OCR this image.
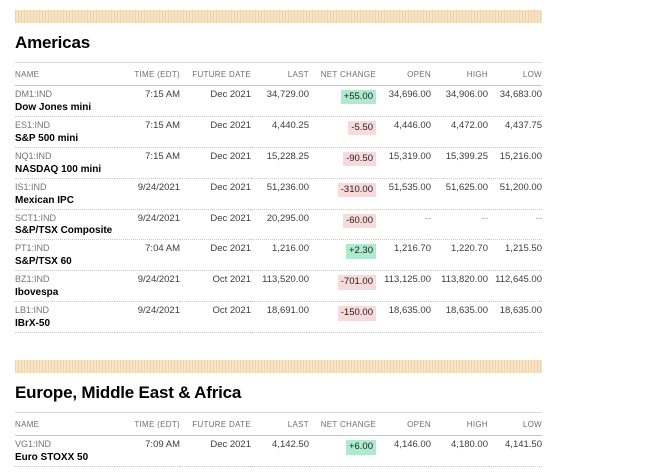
Americas
NAME	TIME (EDT)	FUTURE DATE	LAST	NET CHANGE	OPEN	HIGH	LOW

DM1:IND
Dow Jones mini	7:15 AM	Dec 2021	34,729.00	+55.00	34,696.00	34,906.00	34,683.00

ES1:IND
S&P 500 mini	7:15 AM	Dec 2021	4,440.25	-5.50	4,446.00	4,472.00	4,437.75

NQ1:IND
NASDAQ 100 mini	7:15 AM	Dec 2021	15,228.25	-90.50	15,319.00	15,399.25	15,216.00

IS1:IND
Mexican IPC	9/24/2021	Dec 2021	51,236.00	-310.00	51,535.00	51,625.00	51,200.00

SCT1:IND
S&P/TSX Composite	9/24/2021	Dec 2021	20,295.00	-60.00	--	--	--

PT1:IND
S&P/TSX 60	7:04 AM	Dec 2021	1,216.00	+2.30	1,216.70	1,220.70	1,215.50

BZ1:IND
Ibovespa	9/24/2021	Oct 2021	113,520.00	-701.00	113,125.00	113,820.00	112,645.00

LB1:IND
IBrX-50	9/24/2021	Oct 2021	18,691.00	-150.00	18,635.00	18,635.00	18,635.00
Europe, Middle East & Africa
NAME	TIME (EDT)	FUTURE DATE	LAST	NET CHANGE	OPEN	HIGH	LOW

VG1:IND
Euro STOXX 50	7:09 AM	Dec 2021	4,142.50	+6.00	4,146.00	4,180.00	4,141.50
